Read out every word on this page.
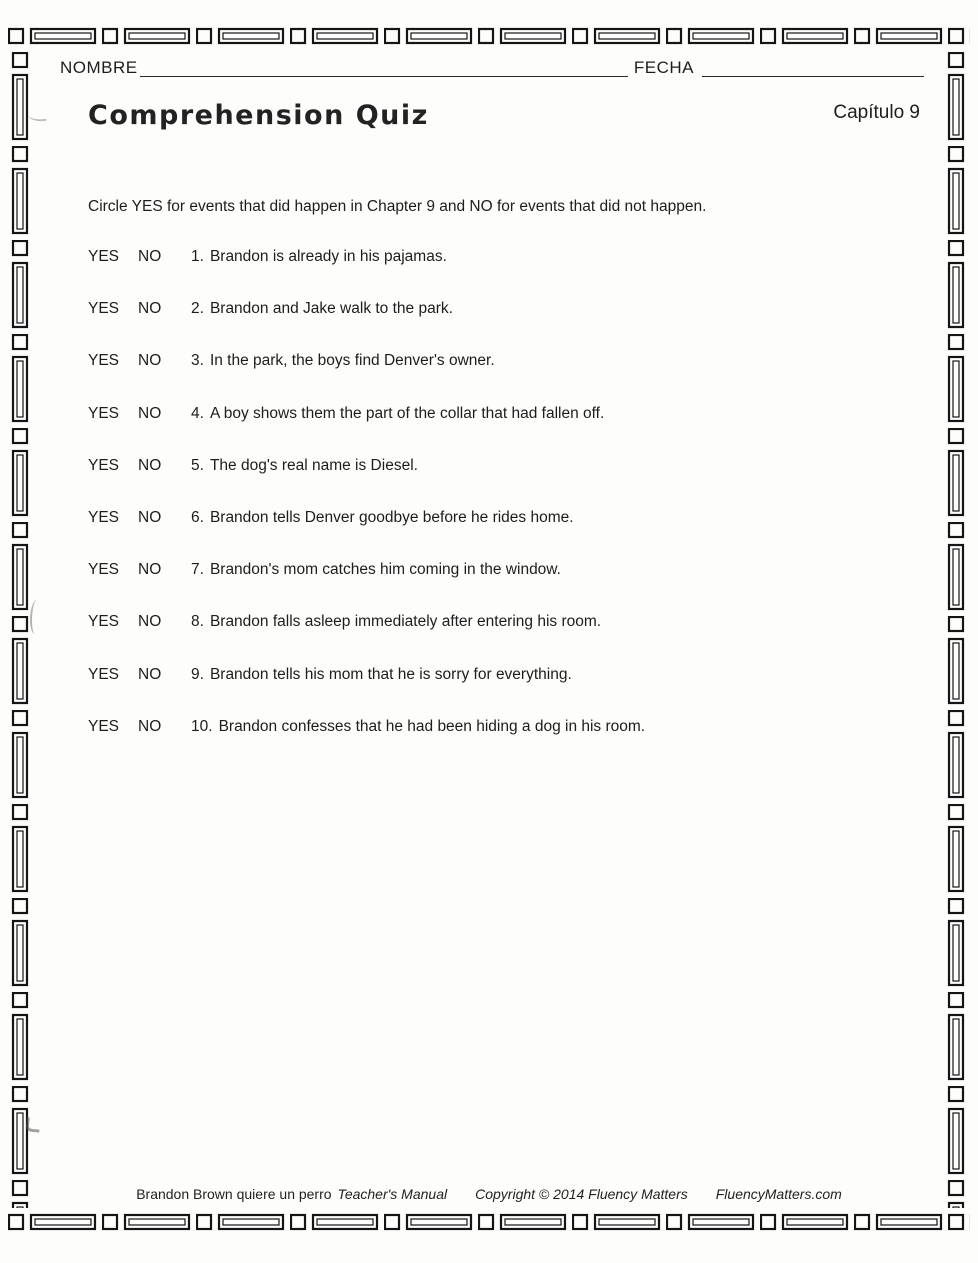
NOMBRE	FECHA
Comprehension Quiz	Capítulo 9
Circle YES for events that did happen in Chapter 9 and NO for events that did not happen.
YES	NO	1. Brandon is already in his pajamas.
YES	NO	2. Brandon and Jake walk to the park.
YES	NO	3. In the park, the boys find Denver's owner.
YES	NO	4. A boy shows them the part of the collar that had fallen off.
YES	NO	5. The dog's real name is Diesel.
YES	NO	6. Brandon tells Denver goodbye before he rides home.
YES	NO	7. Brandon's mom catches him coming in the window.
YES	NO	8. Brandon falls asleep immediately after entering his room.
YES	NO	9. Brandon tells his mom that he is sorry for everything.
YES	NO	10. Brandon confesses that he had been hiding a dog in his room.
Brandon Brown quiere un perro Teacher's Manual Copyright © 2014 Fluency Matters FluencyMatters.com
